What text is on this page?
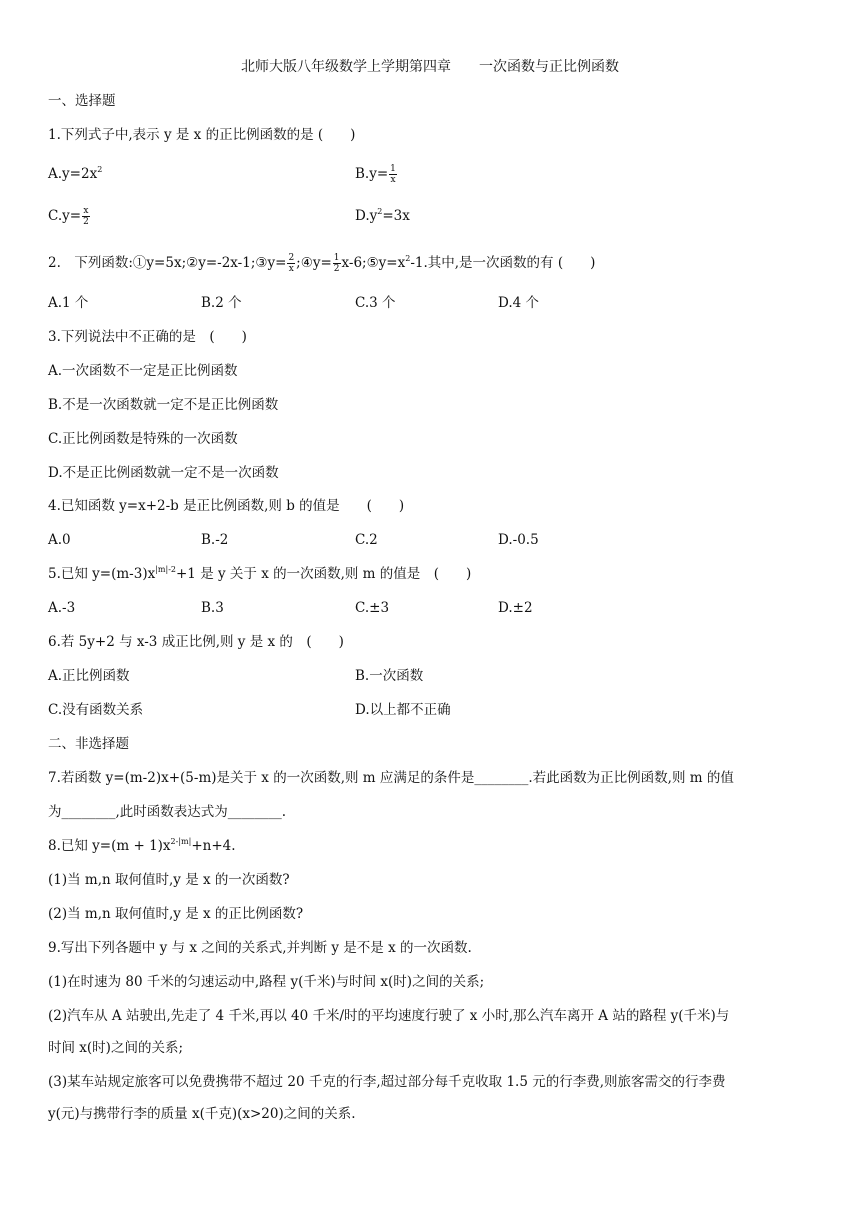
北师大版八年级数学上学期第四章　　一次函数与正比例函数
一、选择题
1.下列式子中,表示 y 是 x 的正比例函数的是 (　　)
$A.y=2x^2$	$B.y= \frac{1}{x}$
$C.y= \frac{x}{2}$	$D.y^2=3x$
2.　下列函数:①y=5x;②y=-2x-1;③y= $\frac{2}{x}$ ;④y= $\frac{1}{2}$ $x-6;⑤y=x^2-1$.其中,是一次函数的有 (　　)
A.1 个	B.2 个	C.3 个	D.4 个
3.下列说法中不正确的是　(　　)
A.一次函数不一定是正比例函数
B.不是一次函数就一定不是正比例函数
C.正比例函数是特殊的一次函数
D.不是正比例函数就一定不是一次函数
4.已知函数 y=x+2-b 是正比例函数,则 b 的值是　　(　　)
A.0	B.-2	C.2	D.-0.5
5.已知 $y=(m-3)x^{|m|-2}+1$ 是 y 关于 x 的一次函数,则 m 的值是　(　　)
A.-3	B.3	C.±3	D.±2
6.若 5y+2 与 x-3 成正比例,则 y 是 x 的　(　　)
A.正比例函数	B.一次函数
C.没有函数关系	D.以上都不正确
二、非选择题
7.若函数 y=(m-2)x+(5-m)是关于 x 的一次函数,则 m 应满足的条件是________.若此函数为正比例函数,则 m 的值
为________,此时函数表达式为________.
8.已知 $y=(m + 1)x^{2-|m|}+n+4$.
(1)当 m,n 取何值时,y 是 x 的一次函数?
(2)当 m,n 取何值时,y 是 x 的正比例函数?
9.写出下列各题中 y 与 x 之间的关系式,并判断 y 是不是 x 的一次函数.
(1)在时速为 80 千米的匀速运动中,路程 y(千米)与时间 x(时)之间的关系;
(2)汽车从 A 站驶出,先走了 4 千米,再以 40 千米/时的平均速度行驶了 x 小时,那么汽车离开 A 站的路程 y(千米)与
时间 x(时)之间的关系;
(3)某车站规定旅客可以免费携带不超过 20 千克的行李,超过部分每千克收取 1.5 元的行李费,则旅客需交的行李费
y(元)与携带行李的质量 x(千克)(x>20)之间的关系.
